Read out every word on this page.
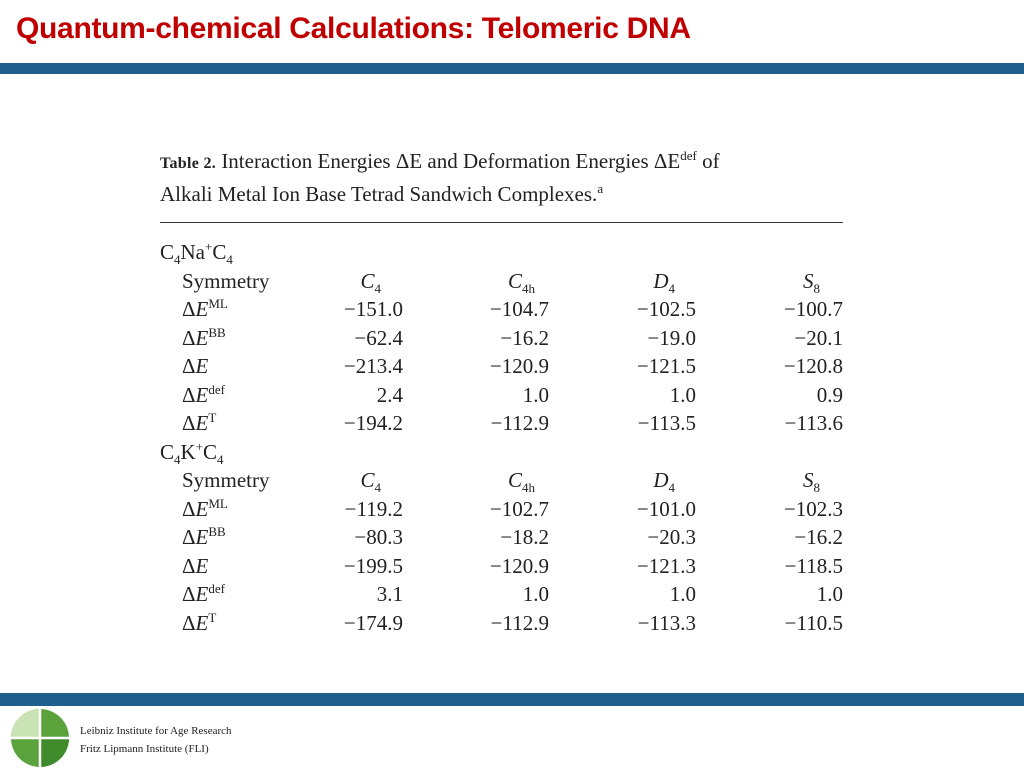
Quantum-chemical Calculations: Telomeric DNA
Table 2. Interaction Energies ΔE and Deformation Energies $\Delta E^{def}$ of
Alkali Metal Ion Base Tetrad Sandwich Complexes.$^a$
$C_4Na^+C_4$
Symmetry	$C_4$	$C_{4h}$	$D_4$	$S_8$
$\Delta E^{ML}$	−151.0	−104.7	−102.5	−100.7
$\Delta E^{BB}$	−62.4	−16.2	−19.0	−20.1
ΔE	−213.4	−120.9	−121.5	−120.8
$\Delta E^{def}$	2.4	1.0	1.0	0.9
$\Delta E^T$	−194.2	−112.9	−113.5	−113.6
$C_4K^+C_4$
Symmetry	$C_4$	$C_{4h}$	$D_4$	$S_8$
$\Delta E^{ML}$	−119.2	−102.7	−101.0	−102.3
$\Delta E^{BB}$	−80.3	−18.2	−20.3	−16.2
ΔE	−199.5	−120.9	−121.3	−118.5
$\Delta E^{def}$	3.1	1.0	1.0	1.0
$\Delta E^T$	−174.9	−112.9	−113.3	−110.5
Leibniz Institute for Age Research
Fritz Lipmann Institute (FLI)
